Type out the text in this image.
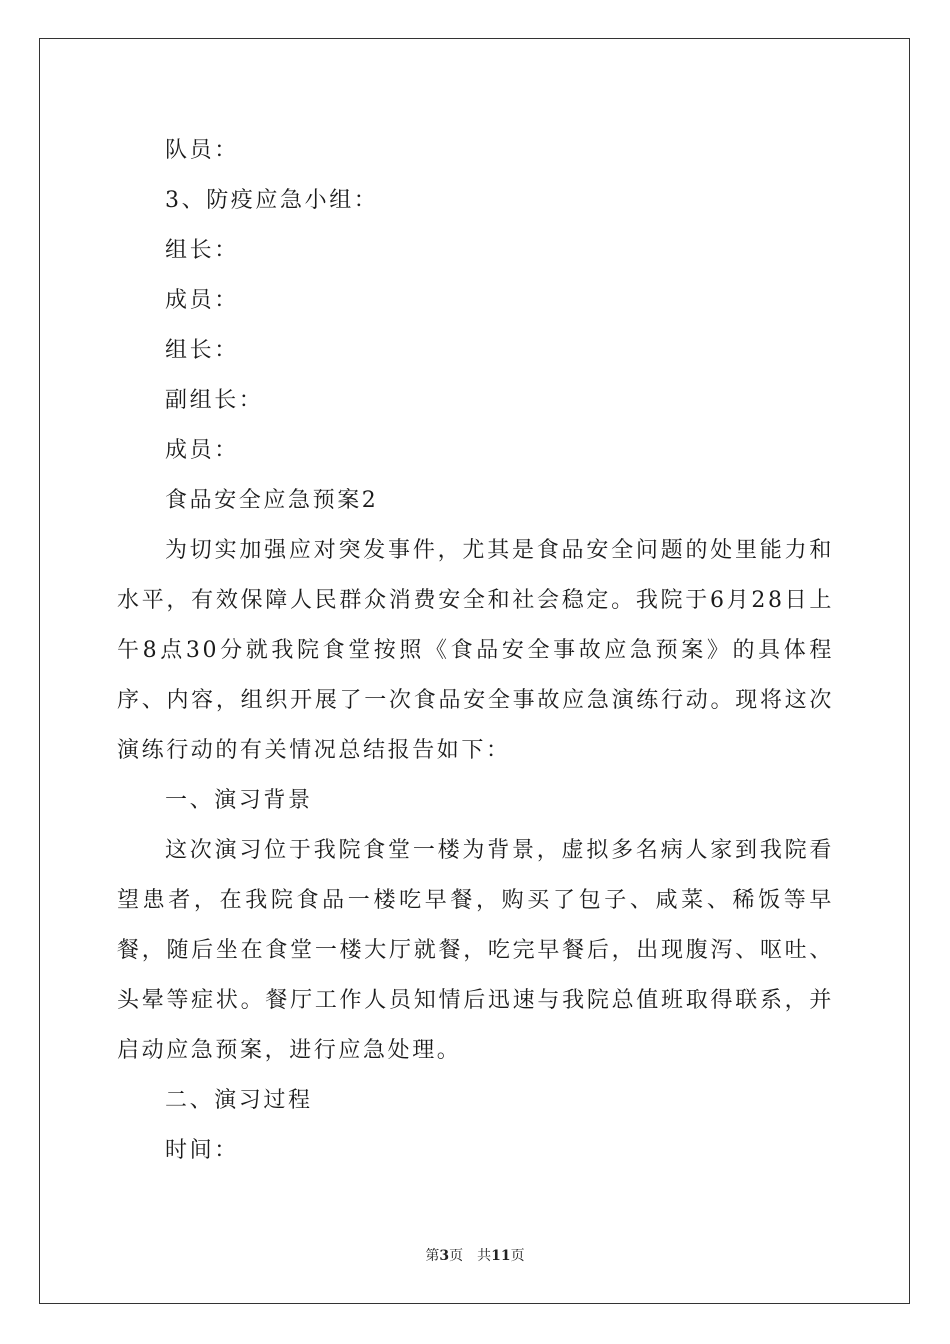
队员：
3、防疫应急小组：
组长：
成员：
组长：
副组长：
成员：
食品安全应急预案2

为切实加强应对突发事件，尤其是食品安全问题的处里能力和水平，有效保障人民群众消费安全和社会稳定。我院于6月28日上午8点30分就我院食堂按照《食品安全事故应急预案》的具体程序、内容，组织开展了一次食品安全事故应急演练行动。现将这次演练行动的有关情况总结报告如下：

一、演习背景

这次演习位于我院食堂一楼为背景，虚拟多名病人家到我院看望患者，在我院食品一楼吃早餐，购买了包子、咸菜、稀饭等早餐，随后坐在食堂一楼大厅就餐，吃完早餐后，出现腹泻、呕吐、头晕等症状。餐厅工作人员知情后迅速与我院总值班取得联系，并启动应急预案，进行应急处理。

二、演习过程
时间：
第3页 共11页
